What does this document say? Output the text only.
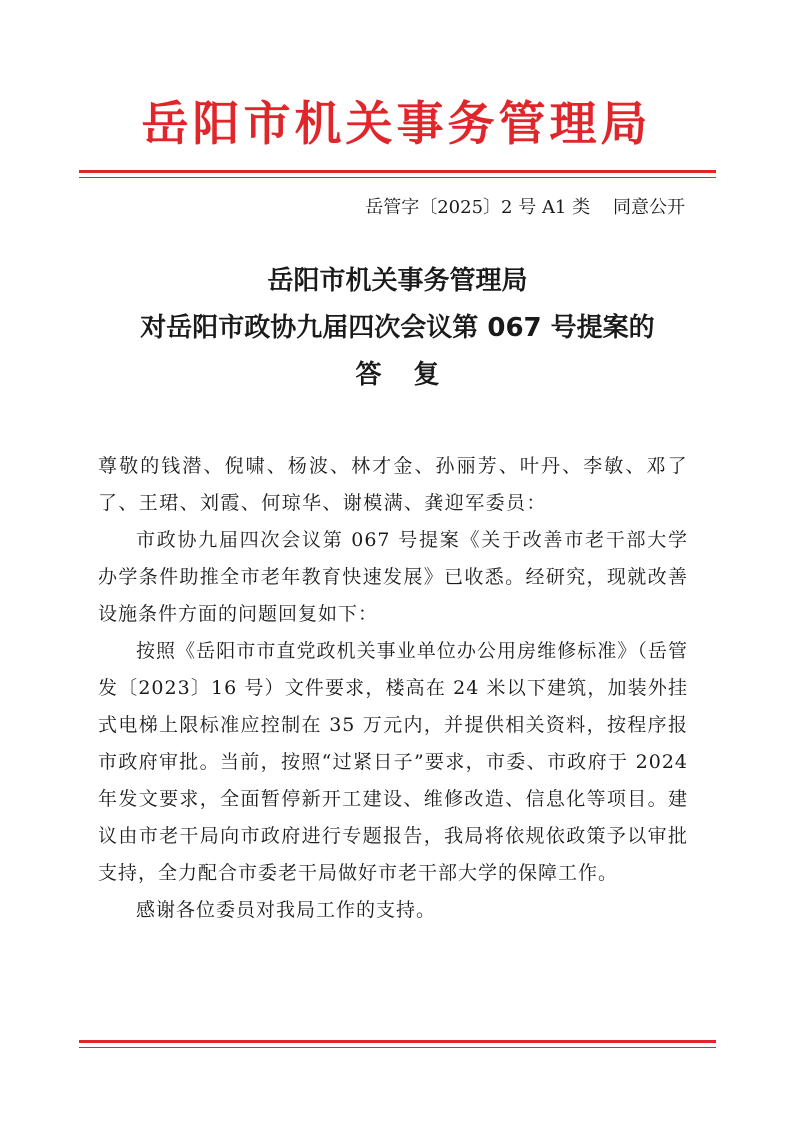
岳阳市机关事务管理局
岳管字〔2025〕2 号 A1 类    同意公开
岳阳市机关事务管理局
对岳阳市政协九届四次会议第 067 号提案的
答 复

尊敬的钱潜、倪啸、杨波、林才金、孙丽芳、叶丹、李敏、邓了了、王珺、刘霞、何琼华、谢模满、龚迎军委员：

市政协九届四次会议第 067 号提案《关于改善市老干部大学办学条件助推全市老年教育快速发展》已收悉。经研究，现就改善设施条件方面的问题回复如下：

按照《岳阳市市直党政机关事业单位办公用房维修标准》（岳管发〔2023〕16 号）文件要求，楼高在 24 米以下建筑，加装外挂式电梯上限标准应控制在 35 万元内，并提供相关资料，按程序报市政府审批。当前，按照“过紧日子”要求，市委、市政府于 2024 年发文要求，全面暂停新开工建设、维修改造、信息化等项目。建议由市老干局向市政府进行专题报告，我局将依规依政策予以审批支持，全力配合市委老干局做好市老干部大学的保障工作。

感谢各位委员对我局工作的支持。
